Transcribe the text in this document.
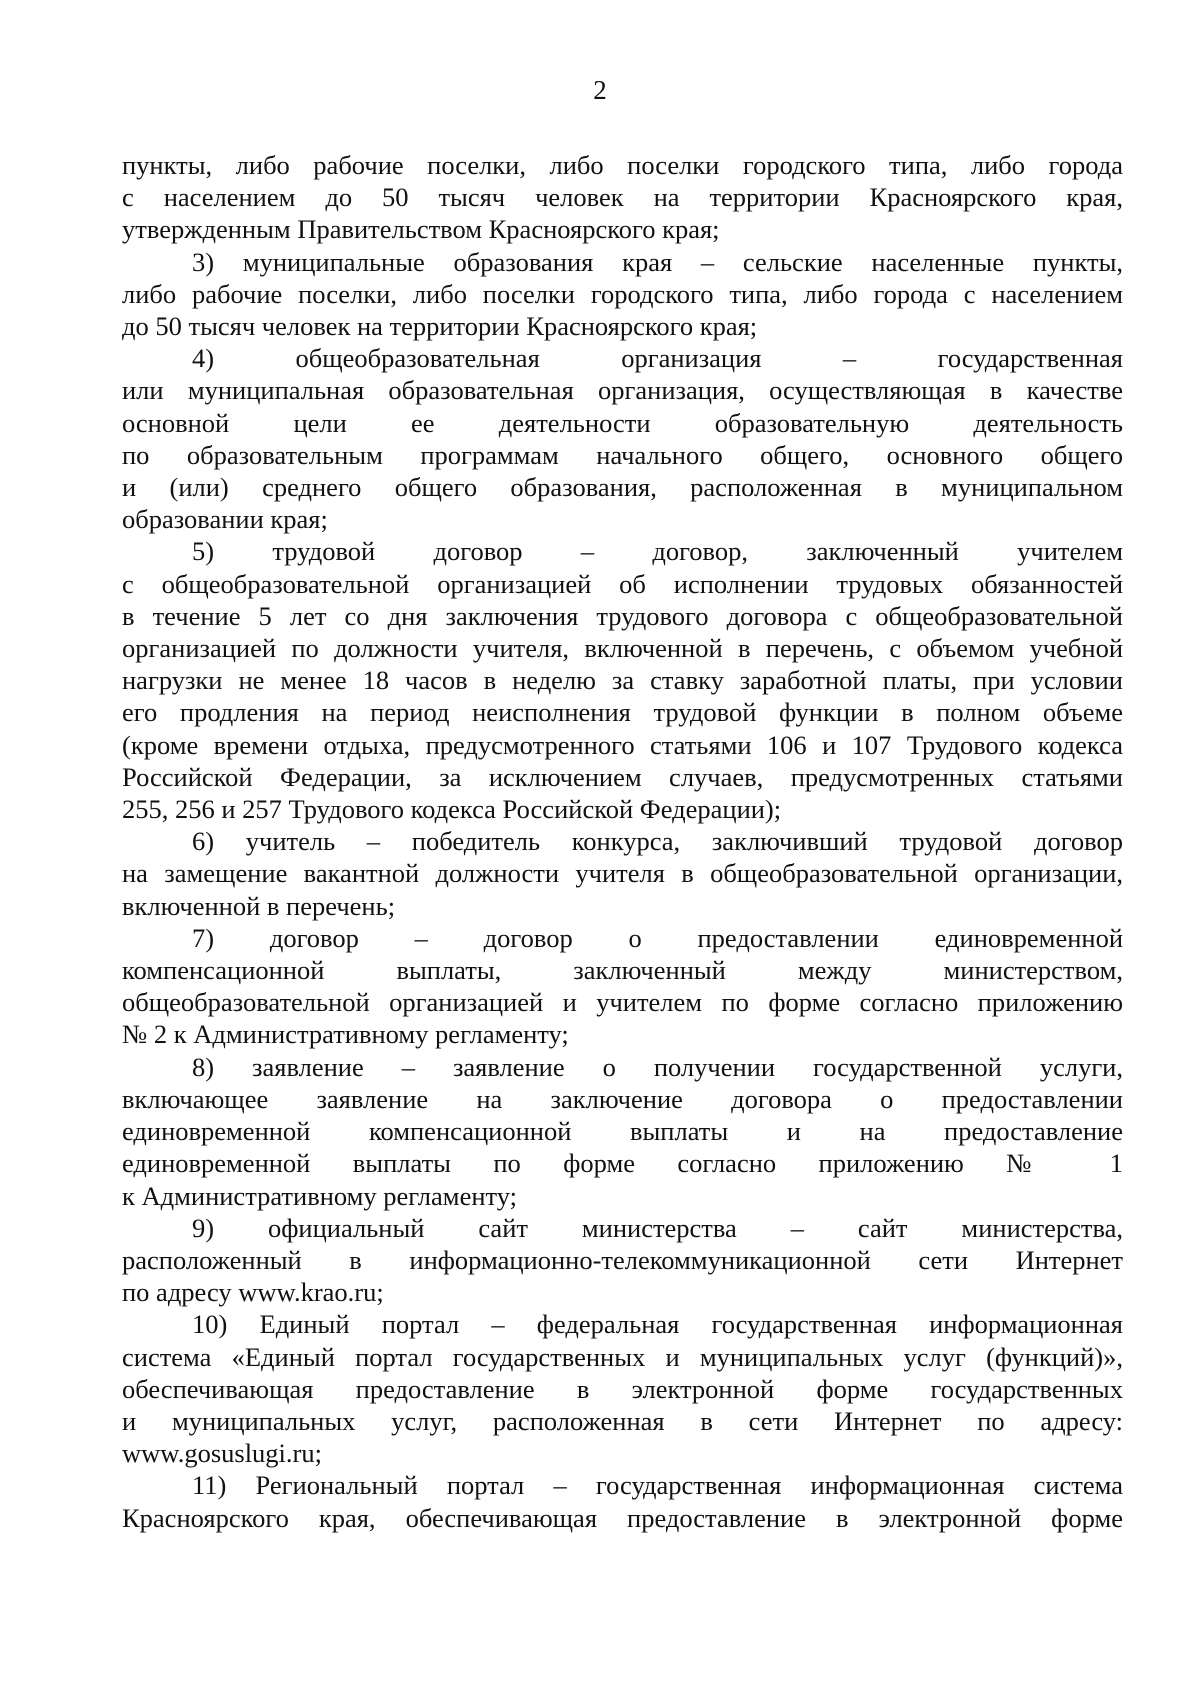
2

пункты, либо рабочие поселки, либо поселки городского типа, либо города
с населением до 50 тысяч человек на территории Красноярского края,
утвержденным Правительством Красноярского края;
3) муниципальные образования края – сельские населенные пункты,
либо рабочие поселки, либо поселки городского типа, либо города с населением
до 50 тысяч человек на территории Красноярского края;
4) общеобразовательная организация – государственная
или муниципальная образовательная организация, осуществляющая в качестве
основной цели ее деятельности образовательную деятельность
по образовательным программам начального общего, основного общего
и (или) среднего общего образования, расположенная в муниципальном
образовании края;
5) трудовой договор – договор, заключенный учителем
с общеобразовательной организацией об исполнении трудовых обязанностей
в течение 5 лет со дня заключения трудового договора с общеобразовательной
организацией по должности учителя, включенной в перечень, с объемом учебной
нагрузки не менее 18 часов в неделю за ставку заработной платы, при условии
его продления на период неисполнения трудовой функции в полном объеме
(кроме времени отдыха, предусмотренного статьями 106 и 107 Трудового кодекса
Российской Федерации, за исключением случаев, предусмотренных статьями
255, 256 и 257 Трудового кодекса Российской Федерации);
6) учитель – победитель конкурса, заключивший трудовой договор
на замещение вакантной должности учителя в общеобразовательной организации,
включенной в перечень;
7) договор – договор о предоставлении единовременной
компенсационной выплаты, заключенный между министерством,
общеобразовательной организацией и учителем по форме согласно приложению
№ 2 к Административному регламенту;
8) заявление – заявление о получении государственной услуги,
включающее заявление на заключение договора о предоставлении
единовременной компенсационной выплаты и на предоставление
единовременной выплаты по форме согласно приложению № 1
к Административному регламенту;
9) официальный сайт министерства – сайт министерства,
расположенный в информационно-телекоммуникационной сети Интернет
по адресу www.krao.ru;
10) Единый портал – федеральная государственная информационная
система «Единый портал государственных и муниципальных услуг (функций)»,
обеспечивающая предоставление в электронной форме государственных
и муниципальных услуг, расположенная в сети Интернет по адресу:
www.gosuslugi.ru;
11) Региональный портал – государственная информационная система
Красноярского края, обеспечивающая предоставление в электронной форме
